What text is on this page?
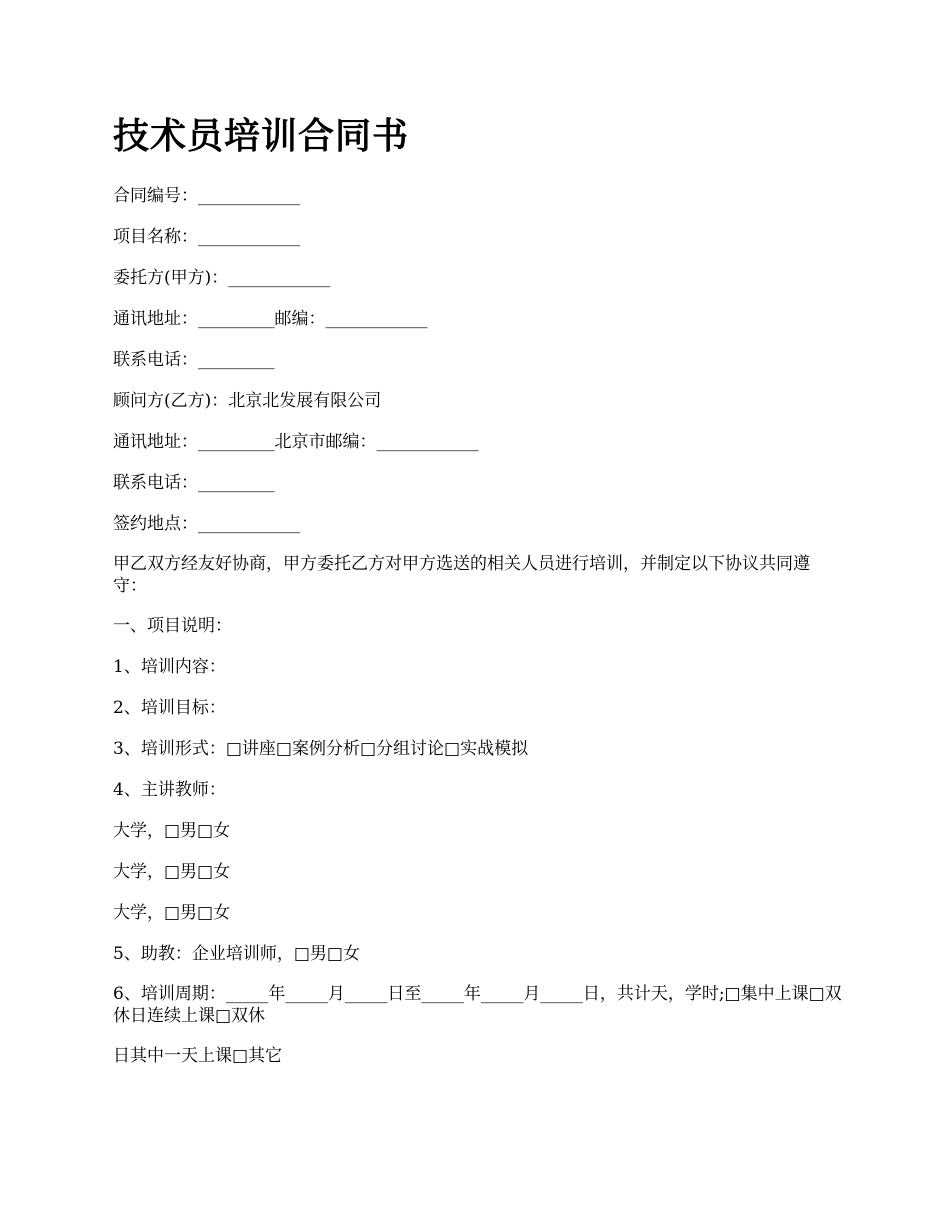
技术员培训合同书

合同编号：____________

项目名称：____________

委托方(甲方)：____________

通讯地址：_________邮编：____________

联系电话：_________

顾问方(乙方)：北京北发展有限公司

通讯地址：_________北京市邮编：____________

联系电话：_________

签约地点：____________

甲乙双方经友好协商，甲方委托乙方对甲方选送的相关人员进行培训，并制定以下协议共同遵守：

一、项目说明：

1、培训内容：

2、培训目标：

3、培训形式：□讲座□案例分析□分组讨论□实战模拟

4、主讲教师：

大学，□男□女

大学，□男□女

大学，□男□女

5、助教：企业培训师，□男□女

6、培训周期：_____年_____月_____日至_____年_____月_____日，共计天，学时;□集中上课□双休日连续上课□双休

日其中一天上课□其它
